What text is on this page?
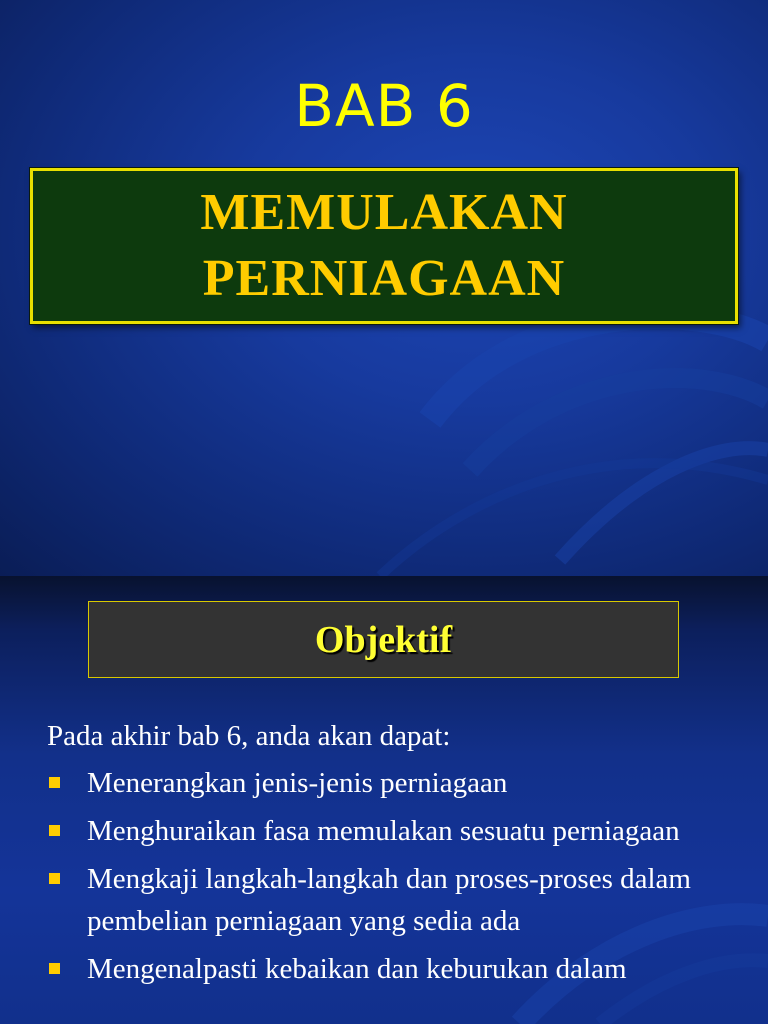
BAB 6
MEMULAKAN
PERNIAGAAN
Objektif
Pada akhir bab 6, anda akan dapat:
Menerangkan jenis-jenis perniagaan
Menghuraikan fasa memulakan sesuatu perniagaan
Mengkaji langkah-langkah dan proses-proses dalam pembelian perniagaan yang sedia ada
Mengenalpasti kebaikan dan keburukan dalam
